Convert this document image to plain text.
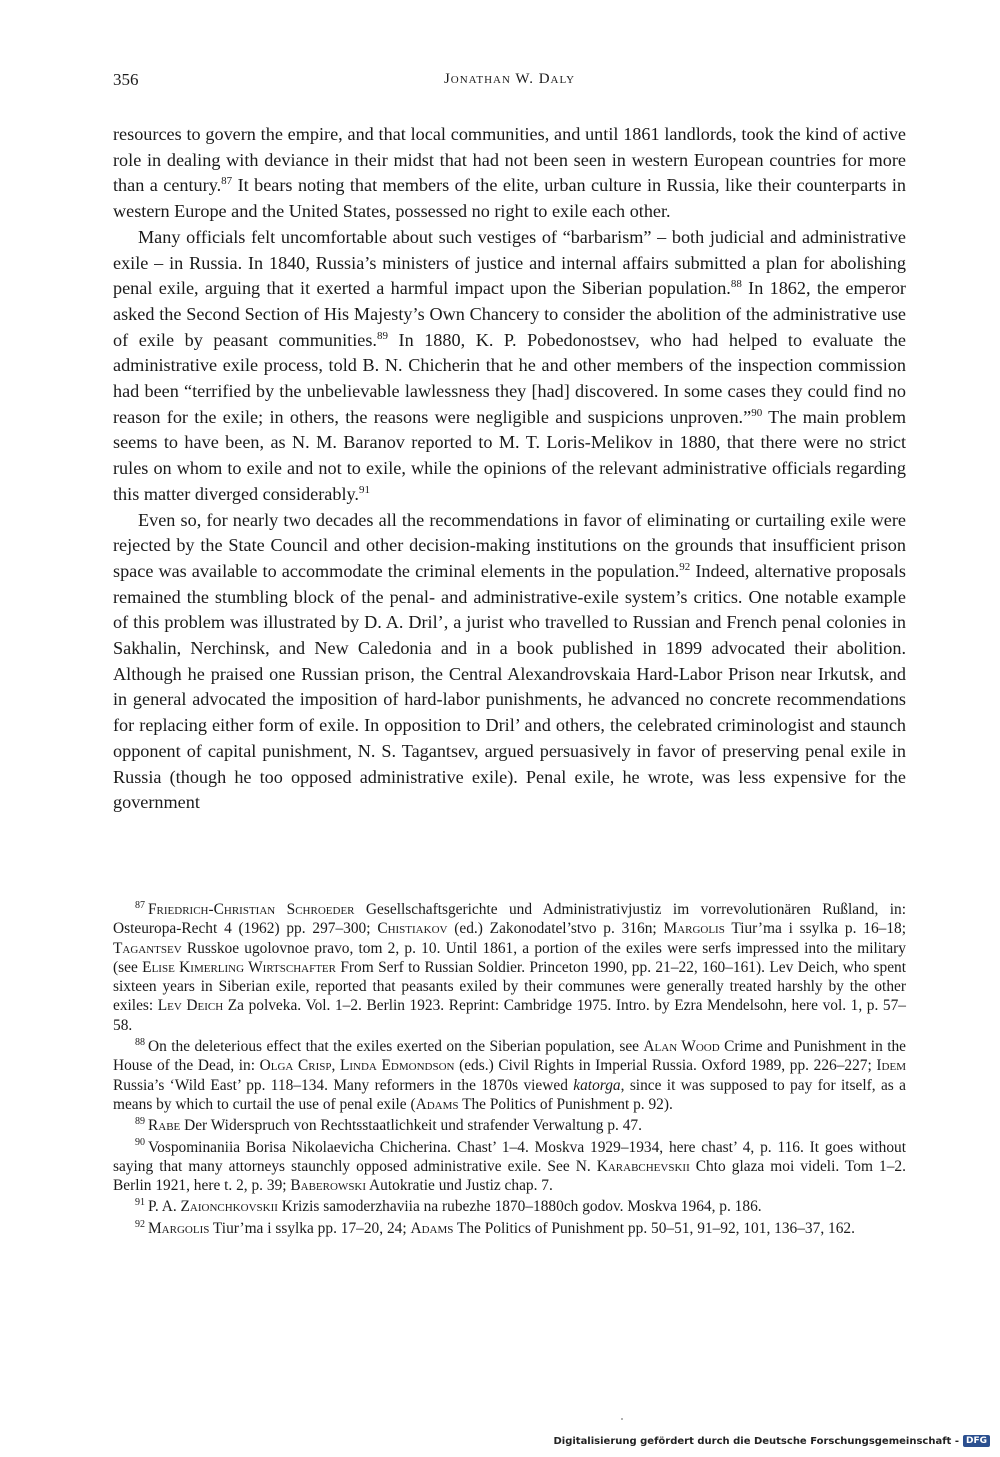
356	Jonathan W. Daly

resources to govern the empire, and that local communities, and until 1861 landlords, took the kind of active role in dealing with deviance in their midst that had not been seen in western European countries for more than a century.$^{87}$ It bears noting that members of the elite, urban culture in Russia, like their counterparts in western Europe and the United States, possessed no right to exile each other.

Many officials felt uncomfortable about such vestiges of “barbarism” – both judicial and administrative exile – in Russia. In 1840, Russia’s ministers of justice and internal affairs submitted a plan for abolishing penal exile, arguing that it exerted a harmful impact upon the Siberian population.$^{88}$ In 1862, the emperor asked the Second Section of His Majesty’s Own Chancery to consider the abolition of the administrative use of exile by peasant communities.$^{89}$ In 1880, K. P. Pobedonostsev, who had helped to evaluate the administrative exile process, told B. N. Chicherin that he and other members of the inspection commission had been “terrified by the unbelievable lawlessness they [had] discovered. In some cases they could find no reason for the exile; in others, the reasons were negligible and suspicions unproven.”$^{90}$ The main problem seems to have been, as N. M. Baranov reported to M. T. Loris-Melikov in 1880, that there were no strict rules on whom to exile and not to exile, while the opinions of the relevant administrative officials regarding this matter diverged considerably.$^{91}$

Even so, for nearly two decades all the recommendations in favor of eliminating or curtailing exile were rejected by the State Council and other decision-making institutions on the grounds that insufficient prison space was available to accommodate the criminal elements in the population.$^{92}$ Indeed, alternative proposals remained the stumbling block of the penal- and administrative-exile system’s critics. One notable example of this problem was illustrated by D. A. Dril’, a jurist who travelled to Russian and French penal colonies in Sakhalin, Nerchinsk, and New Caledonia and in a book published in 1899 advocated their abolition. Although he praised one Russian prison, the Central Alexandrovskaia Hard-Labor Prison near Irkutsk, and in general advocated the imposition of hard-labor punishments, he advanced no concrete recommendations for replacing either form of exile. In opposition to Dril’ and others, the celebrated criminologist and staunch opponent of capital punishment, N. S. Tagantsev, argued persuasively in favor of preserving penal exile in Russia (though he too opposed administrative exile). Penal exile, he wrote, was less expensive for the government

$^{87}$ Friedrich-Christian Schroeder Gesellschaftsgerichte und Administrativjustiz im vorrevolutionären Rußland, in: Osteuropa-Recht 4 (1962) pp. 297–300; Chistiakov (ed.) Zakonodatel’stvo p. 316n; Margolis Tiur’ma i ssylka p. 16–18; Tagantsev Russkoe ugolovnoe pravo, tom 2, p. 10. Until 1861, a portion of the exiles were serfs impressed into the military (see Elise Kimerling Wirtschafter From Serf to Russian Soldier. Princeton 1990, pp. 21–22, 160–161). Lev Deich, who spent sixteen years in Siberian exile, reported that peasants exiled by their communes were generally treated harshly by the other exiles: Lev Deich Za polveka. Vol. 1–2. Berlin 1923. Reprint: Cambridge 1975. Intro. by Ezra Mendelsohn, here vol. 1, p. 57–58.

$^{88}$ On the deleterious effect that the exiles exerted on the Siberian population, see Alan Wood Crime and Punishment in the House of the Dead, in: Olga Crisp, Linda Edmondson (eds.) Civil Rights in Imperial Russia. Oxford 1989, pp. 226–227; Idem Russia’s ‘Wild East’ pp. 118–134. Many reformers in the 1870s viewed katorga, since it was supposed to pay for itself, as a means by which to curtail the use of penal exile (Adams The Politics of Punishment p. 92).

$^{89}$ Rabe Der Widerspruch von Rechtsstaatlichkeit und strafender Verwaltung p. 47.

$^{90}$ Vospominaniia Borisa Nikolaevicha Chicherina. Chast’ 1–4. Moskva 1929–1934, here chast’ 4, p. 116. It goes without saying that many attorneys staunchly opposed administrative exile. See N. Karabchevskii Chto glaza moi videli. Tom 1–2. Berlin 1921, here t. 2, p. 39; Baberowski Autokratie und Justiz chap. 7.

$^{91}$ P. A. Zaionchkovskii Krizis samoderzhaviia na rubezhe 1870–1880ch godov. Moskva 1964, p. 186.

$^{92}$ Margolis Tiur’ma i ssylka pp. 17–20, 24; Adams The Politics of Punishment pp. 50–51, 91–92, 101, 136–37, 162.

Digitalisierung gefördert durch die Deutsche Forschungsgemeinschaft - DFG
